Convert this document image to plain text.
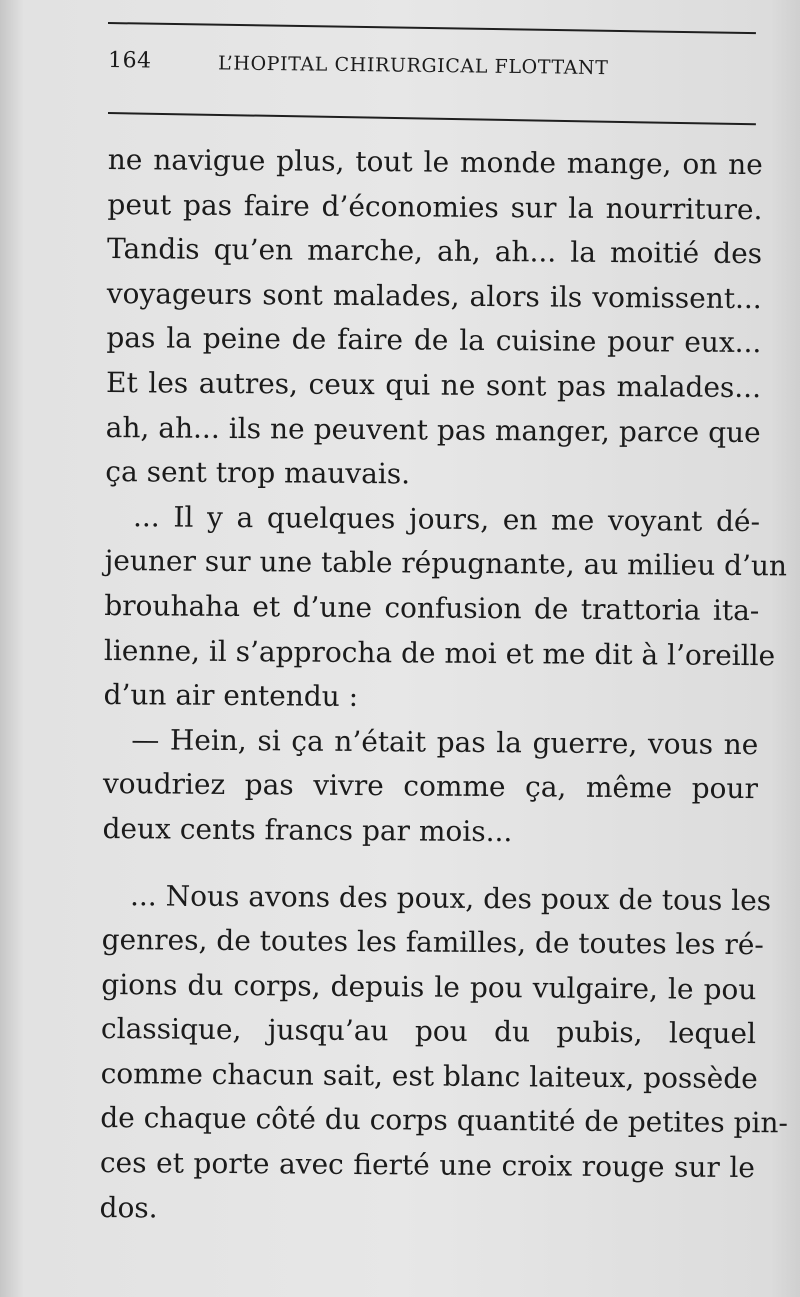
164	L’HOPITAL CHIRURGICAL FLOTTANT
ne navigue plus, tout le monde mange, on ne
peut pas faire d’économies sur la nourriture.
Tandis qu’en marche, ah, ah... la moitié des
voyageurs sont malades, alors ils vomissent...
pas la peine de faire de la cuisine pour eux...
Et les autres, ceux qui ne sont pas malades...
ah, ah... ils ne peuvent pas manger, parce que
ça sent trop mauvais.
... Il y a quelques jours, en me voyant dé-
jeuner sur une table répugnante, au milieu d’un
brouhaha et d’une confusion de trattoria ita-
lienne, il s’approcha de moi et me dit à l’oreille
d’un air entendu :
— Hein, si ça n’était pas la guerre, vous ne
voudriez pas vivre comme ça, même pour
deux cents francs par mois...
... Nous avons des poux, des poux de tous les
genres, de toutes les familles, de toutes les ré-
gions du corps, depuis le pou vulgaire, le pou
classique, jusqu’au pou du pubis, lequel
comme chacun sait, est blanc laiteux, possède
de chaque côté du corps quantité de petites pin-
ces et porte avec fierté une croix rouge sur le
dos.
